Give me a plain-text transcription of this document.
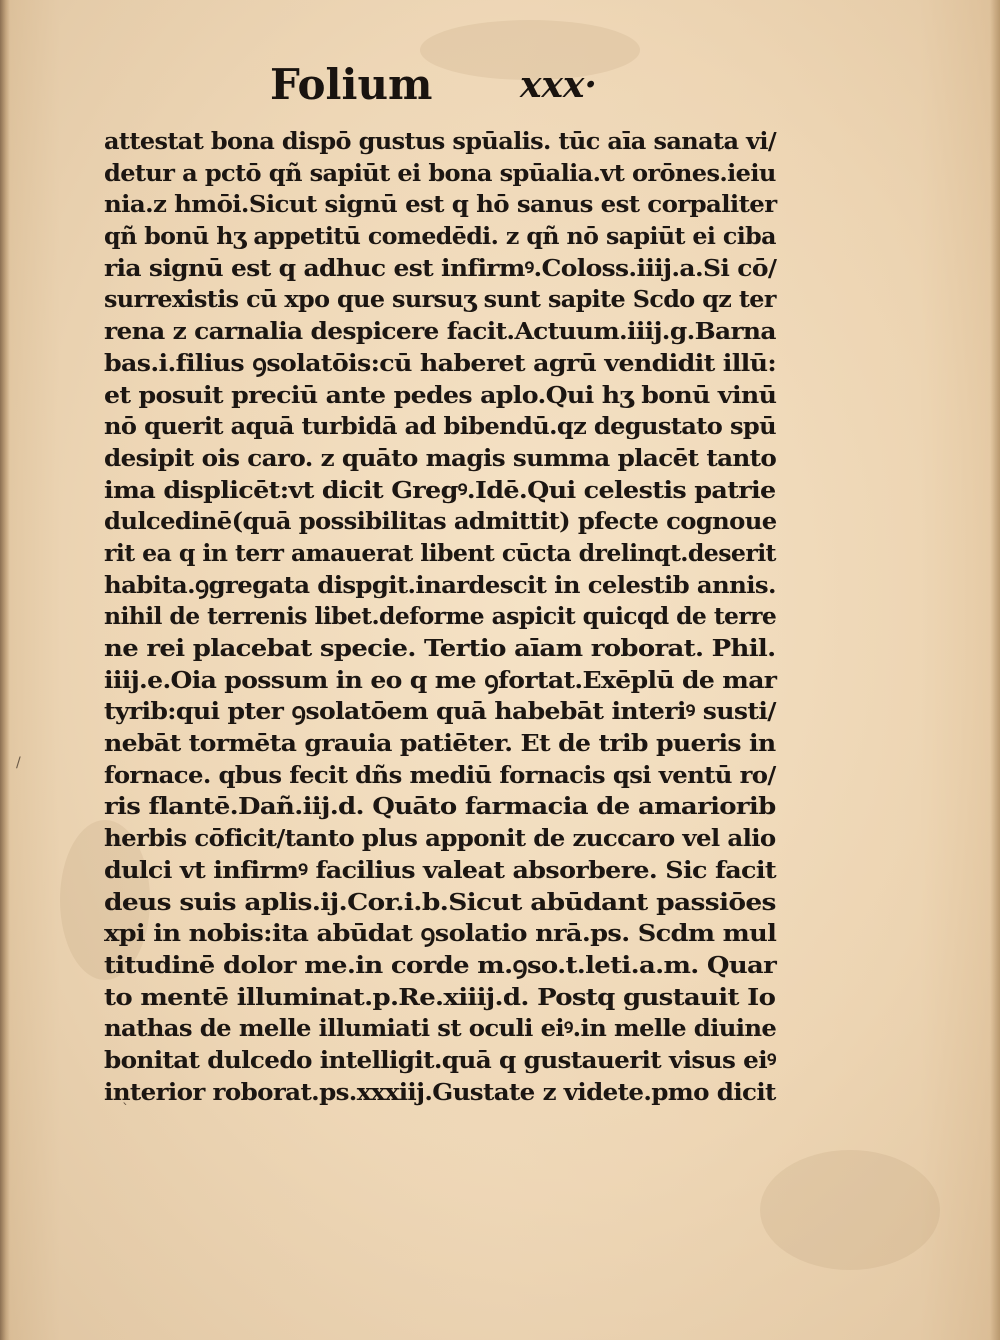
Folium xxx·
attestat bona dispō gustus spūalis. tūc aīa sanata vi/
detur a pctō qñ sapiūt ei bona spūalia.vt orōnes.ieiu
nia.z hmōi.Sicut signū est q hō sanus est corpaliter
qñ bonū hʒ appetitū comedēdi. z qñ nō sapiūt ei ciba
ria signū est q adhuc est infirmꝰ.Coloss.iiij.a.Si cō/
surrexistis cū xpo que sursuʒ sunt sapite Scdo qz ter
rena z carnalia despicere facit.Actuum.iiij.g.Barna
bas.i.filius ꝯsolatōis:cū haberet agrū vendidit illū:
et posuit preciū ante pedes aplo.Qui hʒ bonū vinū
nō querit aquā turbidā ad bibendū.qz degustato spū
desipit ois caro. z quāto magis summa placēt tanto
ima displicēt:vt dicit Gregꝰ.Idē.Qui celestis patrie
dulcedinē(quā possibilitas admittit) pfecte cognoue
rit ea q in terr amauerat libent cūcta drelinqt.deserit
habita.ꝯgregata dispgit.inardescit in celestib annis.
nihil de terrenis libet.deforme aspicit quicqd de terre
ne rei placebat specie. Tertio aīam roborat. Phil.
iiij.e.Oia possum in eo q me ꝯfortat.Exēplū de mar
tyrib:qui pter ꝯsolatōem quā habebāt interiꝰ susti/
nebāt tormēta grauia patiēter. Et de trib pueris in
fornace. qbus fecit dñs mediū fornacis qsi ventū ro/
ris flantē.Dañ.iij.d. Quāto farmacia de amariorib
herbis cōficit/tanto plus apponit de zuccaro vel alio
dulci vt infirmꝰ facilius valeat absorbere. Sic facit
deus suis aplis.ij.Cor.i.b.Sicut abūdant passiōes
xpi in nobis:ita abūdat ꝯsolatio nrā.ps. Scdm mul
titudinē dolor me.in corde m.ꝯso.t.leti.a.m. Quar
to mentē illuminat.p.Re.xiiij.d. Postq gustauit Io
nathas de melle illumiati st oculi eiꝰ.in melle diuine
bonitat dulcedo intelligit.quā q gustauerit visus eiꝰ
interior roborat.ps.xxxiij.Gustate z videte.pmo dicit
/
`
